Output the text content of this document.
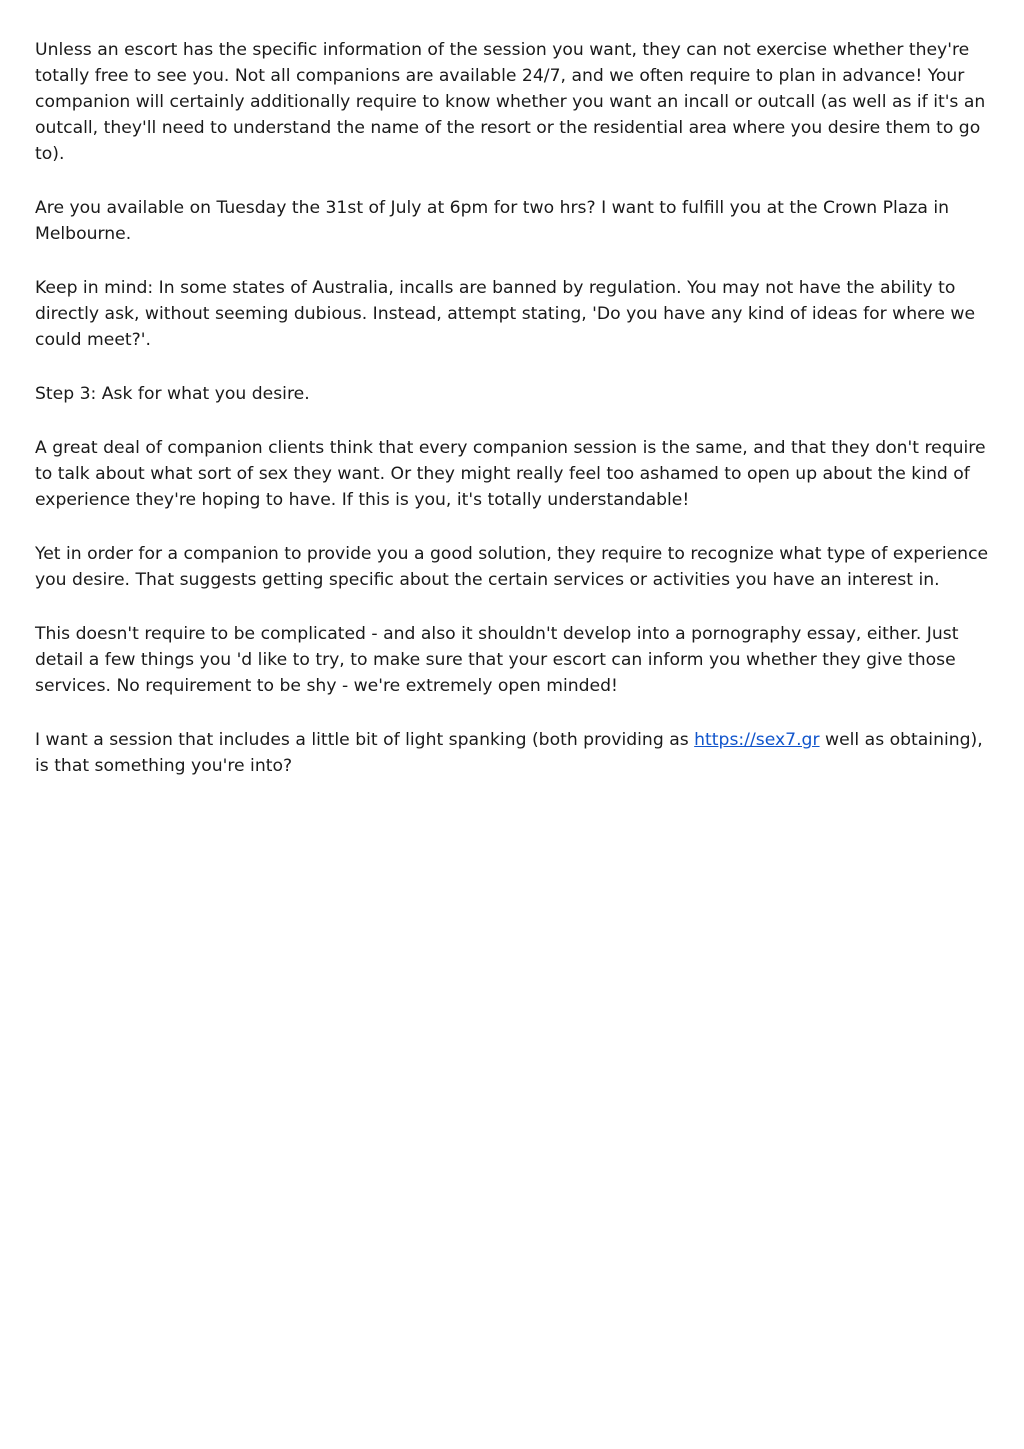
Unless an escort has the specific information of the session you want, they can not exercise whether they're totally free to see you. Not all companions are available 24/7, and we often require to plan in advance! Your companion will certainly additionally require to know whether you want an incall or outcall (as well as if it's an outcall, they'll need to understand the name of the resort or the residential area where you desire them to go to).

Are you available on Tuesday the 31st of July at 6pm for two hrs? I want to fulfill you at the Crown Plaza in Melbourne.

Keep in mind: In some states of Australia, incalls are banned by regulation. You may not have the ability to directly ask, without seeming dubious. Instead, attempt stating, 'Do you have any kind of ideas for where we could meet?'.

Step 3: Ask for what you desire.

A great deal of companion clients think that every companion session is the same, and that they don't require to talk about what sort of sex they want. Or they might really feel too ashamed to open up about the kind of experience they're hoping to have. If this is you, it's totally understandable!

Yet in order for a companion to provide you a good solution, they require to recognize what type of experience you desire. That suggests getting specific about the certain services or activities you have an interest in.

This doesn't require to be complicated - and also it shouldn't develop into a pornography essay, either. Just detail a few things you 'd like to try, to make sure that your escort can inform you whether they give those services. No requirement to be shy - we're extremely open minded!

I want a session that includes a little bit of light spanking (both providing as https://sex7.gr well as obtaining), is that something you're into?
